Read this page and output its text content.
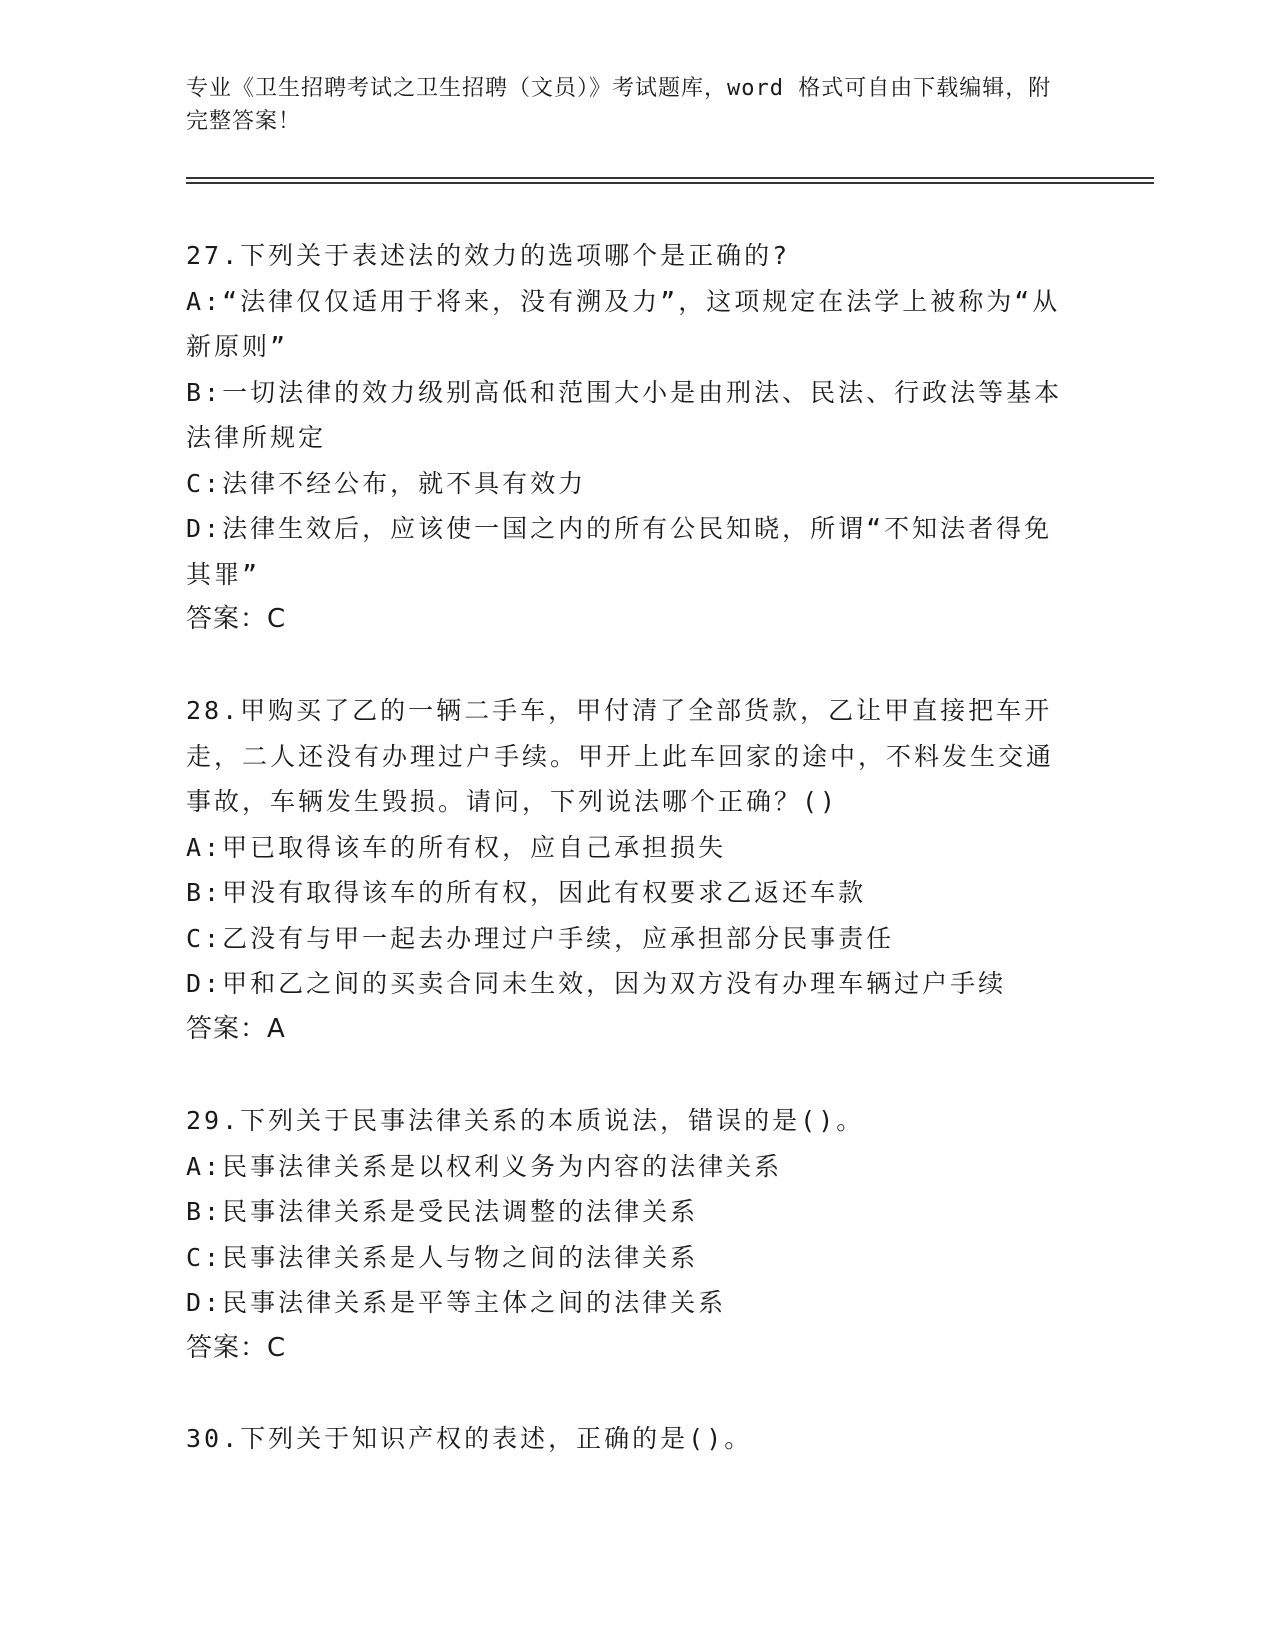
专业《卫生招聘考试之卫生招聘（文员）》考试题库，word 格式可自由下载编辑，附完整答案！
27.下列关于表述法的效力的选项哪个是正确的?
A:“法律仅仅适用于将来，没有溯及力”，这项规定在法学上被称为“从新原则”
B:一切法律的效力级别高低和范围大小是由刑法、民法、行政法等基本法律所规定
C:法律不经公布，就不具有效力
D:法律生效后，应该使一国之内的所有公民知晓，所谓“不知法者得免其罪”
答案：C
28.甲购买了乙的一辆二手车，甲付清了全部货款，乙让甲直接把车开走，二人还没有办理过户手续。甲开上此车回家的途中，不料发生交通事故，车辆发生毁损。请问，下列说法哪个正确？()
A:甲已取得该车的所有权，应自己承担损失
B:甲没有取得该车的所有权，因此有权要求乙返还车款
C:乙没有与甲一起去办理过户手续，应承担部分民事责任
D:甲和乙之间的买卖合同未生效，因为双方没有办理车辆过户手续
答案：A
29.下列关于民事法律关系的本质说法，错误的是()。
A:民事法律关系是以权利义务为内容的法律关系
B:民事法律关系是受民法调整的法律关系
C:民事法律关系是人与物之间的法律关系
D:民事法律关系是平等主体之间的法律关系
答案：C
30.下列关于知识产权的表述，正确的是()。
